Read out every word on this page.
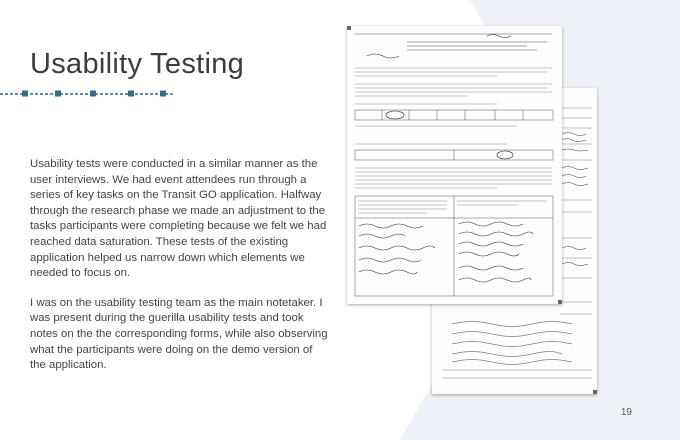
Usability Testing

Usability tests were conducted in a similar manner as the user interviews. We had event attendees run through a series of key tasks on the Transit GO application. Halfway through the research phase we made an adjustment to the tasks participants were completing because we felt we had reached data saturation. These tests of the existing application helped us narrow down which elements we needed to focus on.

I was on the usability testing team as the main notetaker. I was present during the guerilla usability tests and took notes on the the corresponding forms, while also observing what the participants were doing on the demo version of the application.

19
